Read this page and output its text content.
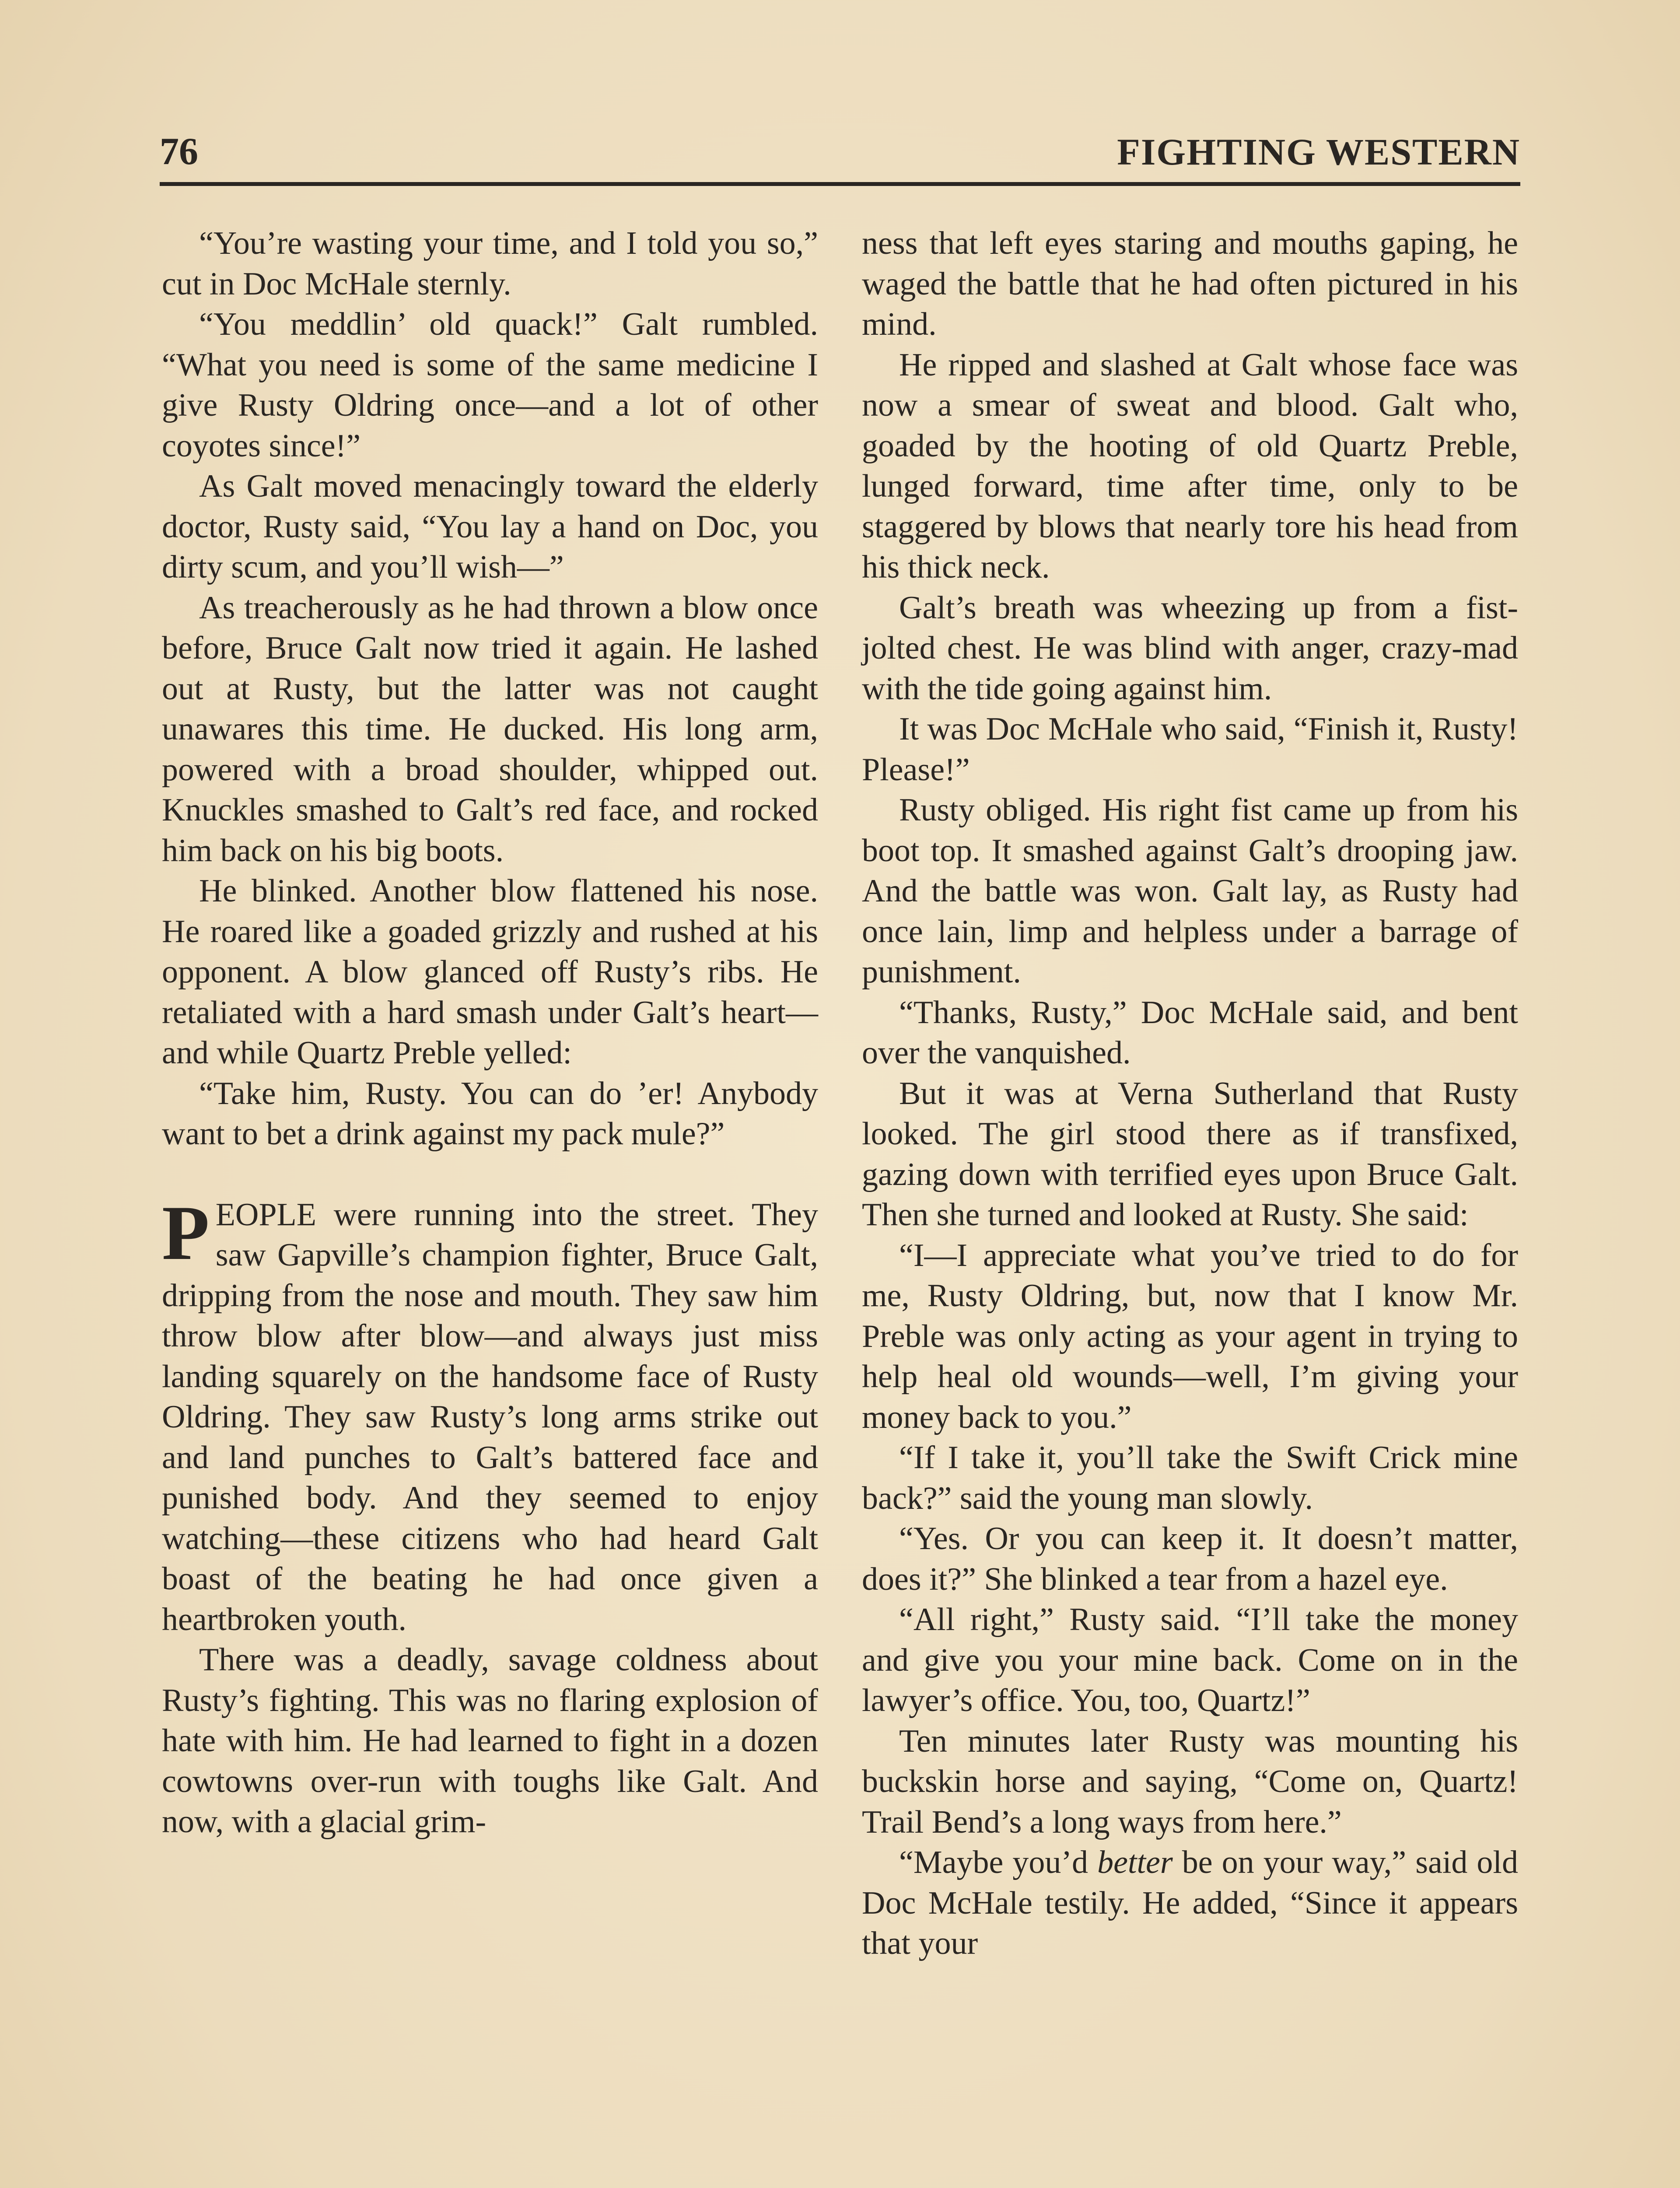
76	FIGHTING WESTERN

“You’re wasting your time, and I told you so,” cut in Doc McHale sternly.

“You meddlin’ old quack!” Galt rumbled. “What you need is some of the same medicine I give Rusty Oldring once—and a lot of other coyotes since!”

As Galt moved menacingly toward the elderly doctor, Rusty said, “You lay a hand on Doc, you dirty scum, and you’ll wish—”

As treacherously as he had thrown a blow once before, Bruce Galt now tried it again. He lashed out at Rusty, but the latter was not caught unawares this time. He ducked. His long arm, powered with a broad shoulder, whipped out. Knuckles smashed to Galt’s red face, and rocked him back on his big boots.

He blinked. Another blow flattened his nose. He roared like a goaded grizzly and rushed at his opponent. A blow glanced off Rusty’s ribs. He retaliated with a hard smash under Galt’s heart—and while Quartz Preble yelled:

“Take him, Rusty. You can do ’er! Anybody want to bet a drink against my pack mule?”

PEOPLE were running into the street. They saw Gapville’s champion fighter, Bruce Galt, dripping from the nose and mouth. They saw him throw blow after blow—and always just miss landing squarely on the handsome face of Rusty Oldring. They saw Rusty’s long arms strike out and land punches to Galt’s battered face and punished body. And they seemed to enjoy watching—these citizens who had heard Galt boast of the beating he had once given a heartbroken youth.

There was a deadly, savage coldness about Rusty’s fighting. This was no flaring explosion of hate with him. He had learned to fight in a dozen cowtowns over-run with toughs like Galt. And now, with a glacial grim-

ness that left eyes staring and mouths gaping, he waged the battle that he had often pictured in his mind.

He ripped and slashed at Galt whose face was now a smear of sweat and blood. Galt who, goaded by the hooting of old Quartz Preble, lunged forward, time after time, only to be staggered by blows that nearly tore his head from his thick neck.

Galt’s breath was wheezing up from a fist-jolted chest. He was blind with anger, crazy-mad with the tide going against him.

It was Doc McHale who said, “Finish it, Rusty! Please!”

Rusty obliged. His right fist came up from his boot top. It smashed against Galt’s drooping jaw. And the battle was won. Galt lay, as Rusty had once lain, limp and helpless under a barrage of punishment.

“Thanks, Rusty,” Doc McHale said, and bent over the vanquished.

But it was at Verna Sutherland that Rusty looked. The girl stood there as if transfixed, gazing down with terrified eyes upon Bruce Galt. Then she turned and looked at Rusty. She said:

“I—I appreciate what you’ve tried to do for me, Rusty Oldring, but, now that I know Mr. Preble was only acting as your agent in trying to help heal old wounds—well, I’m giving your money back to you.”

“If I take it, you’ll take the Swift Crick mine back?” said the young man slowly.

“Yes. Or you can keep it. It doesn’t matter, does it?” She blinked a tear from a hazel eye.

“All right,” Rusty said. “I’ll take the money and give you your mine back. Come on in the lawyer’s office. You, too, Quartz!”

Ten minutes later Rusty was mounting his buckskin horse and saying, “Come on, Quartz! Trail Bend’s a long ways from here.”

“Maybe you’d better be on your way,” said old Doc McHale testily. He added, “Since it appears that your
